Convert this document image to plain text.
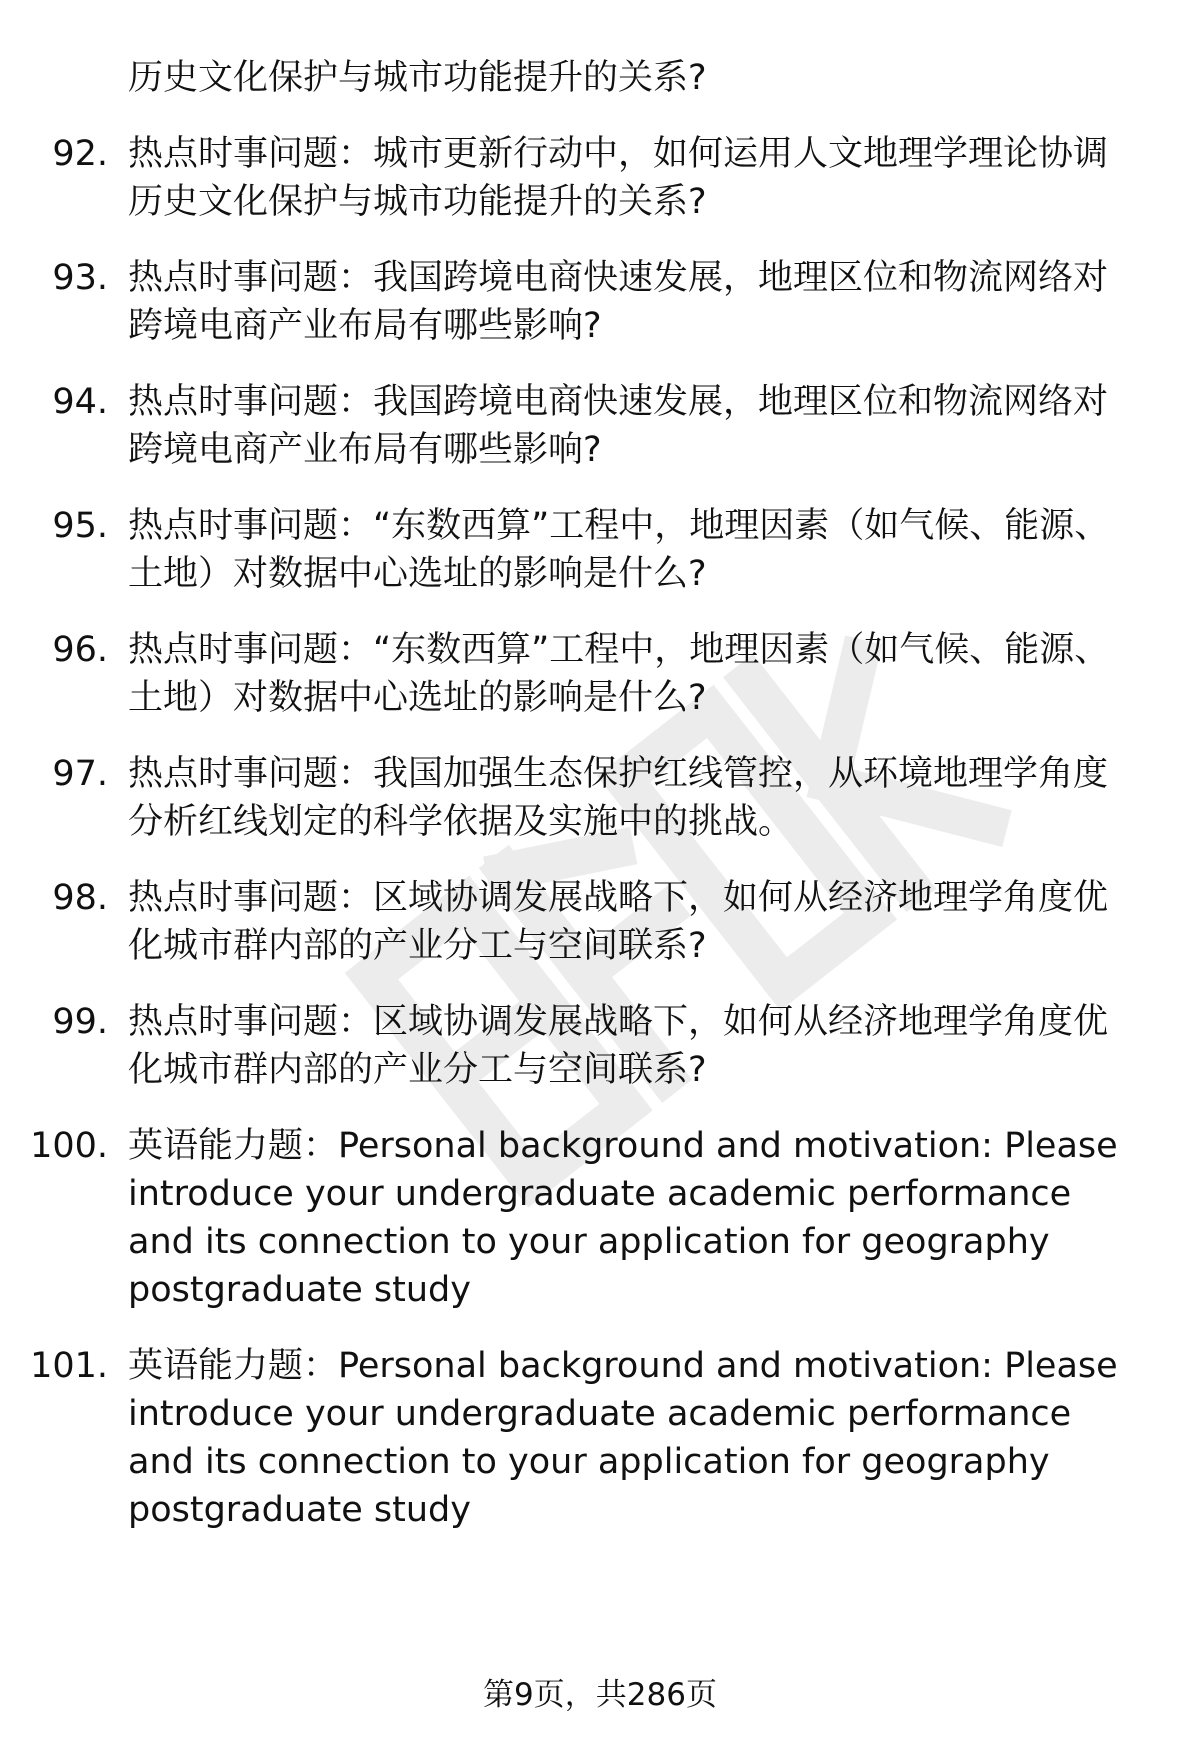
历史文化保护与城市功能提升的关系?
92. 热点时事问题：城市更新行动中，如何运用人文地理学理论协调历史文化保护与城市功能提升的关系?
93. 热点时事问题：我国跨境电商快速发展，地理区位和物流网络对跨境电商产业布局有哪些影响?
94. 热点时事问题：我国跨境电商快速发展，地理区位和物流网络对跨境电商产业布局有哪些影响?
95. 热点时事问题：“东数西算”工程中，地理因素（如气候、能源、土地）对数据中心选址的影响是什么?
96. 热点时事问题：“东数西算”工程中，地理因素（如气候、能源、土地）对数据中心选址的影响是什么?
97. 热点时事问题：我国加强生态保护红线管控，从环境地理学角度分析红线划定的科学依据及实施中的挑战。
98. 热点时事问题：区域协调发展战略下，如何从经济地理学角度优化城市群内部的产业分工与空间联系?
99. 热点时事问题：区域协调发展战略下，如何从经济地理学角度优化城市群内部的产业分工与空间联系?
100. 英语能力题：Personal background and motivation: Please introduce your undergraduate academic performance and its connection to your application for geography postgraduate study
101. 英语能力题：Personal background and motivation: Please introduce your undergraduate academic performance and its connection to your application for geography postgraduate study
第9页，共286页
